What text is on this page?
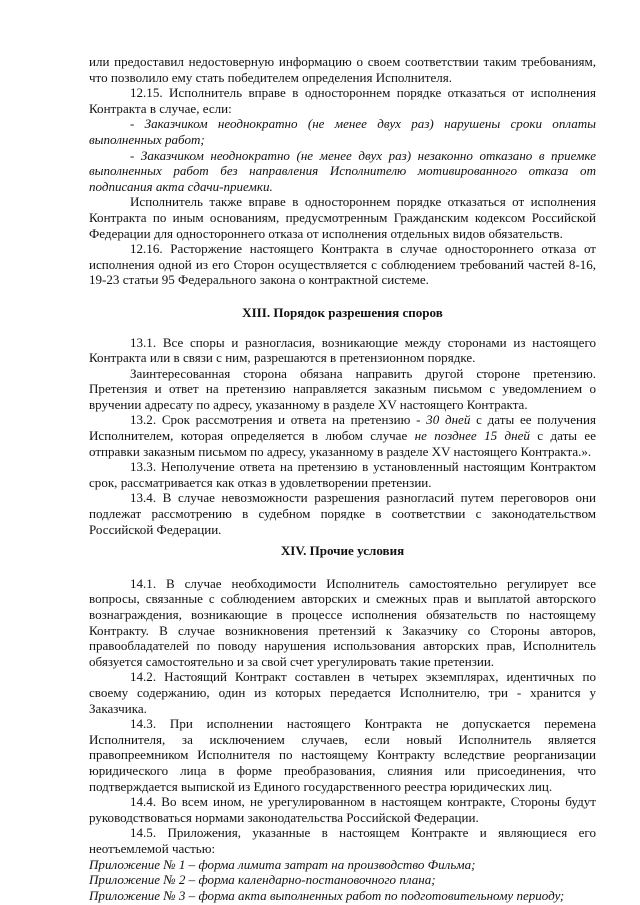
или предоставил недостоверную информацию о своем соответствии таким требованиям, что позволило ему стать победителем определения Исполнителя.

12.15. Исполнитель вправе в одностороннем порядке отказаться от исполнения Контракта в случае, если:

- Заказчиком неоднократно (не менее двух раз) нарушены сроки оплаты выполненных работ;

- Заказчиком неоднократно (не менее двух раз) незаконно отказано в приемке выполненных работ без направления Исполнителю мотивированного отказа от подписания акта сдачи-приемки.

Исполнитель также вправе в одностороннем порядке отказаться от исполнения Контракта по иным основаниям, предусмотренным Гражданским кодексом Российской Федерации для одностороннего отказа от исполнения отдельных видов обязательств.

12.16. Расторжение настоящего Контракта в случае одностороннего отказа от исполнения одной из его Сторон осуществляется с соблюдением требований частей 8-16, 19-23 статьи 95 Федерального закона о контрактной системе.

XIII. Порядок разрешения споров

13.1. Все споры и разногласия, возникающие между сторонами из настоящего Контракта или в связи с ним, разрешаются в претензионном порядке.

Заинтересованная сторона обязана направить другой стороне претензию. Претензия и ответ на претензию направляется заказным письмом с уведомлением о вручении адресату по адресу, указанному в разделе XV настоящего Контракта.

13.2. Срок рассмотрения и ответа на претензию - 30 дней с даты ее получения Исполнителем, которая определяется в любом случае не позднее 15 дней с даты ее отправки заказным письмом по адресу, указанному в разделе XV настоящего Контракта.».

13.3. Неполучение ответа на претензию в установленный настоящим Контрактом срок, рассматривается как отказ в удовлетворении претензии.

13.4. В случае невозможности разрешения разногласий путем переговоров они подлежат рассмотрению в судебном порядке в соответствии с законодательством Российской Федерации.

XIV. Прочие условия

14.1. В случае необходимости Исполнитель самостоятельно регулирует все вопросы, связанные с соблюдением авторских и смежных прав и выплатой авторского вознаграждения, возникающие в процессе исполнения обязательств по настоящему Контракту. В случае возникновения претензий к Заказчику со Стороны авторов, правообладателей по поводу нарушения использования авторских прав, Исполнитель обязуется самостоятельно и за свой счет урегулировать такие претензии.

14.2. Настоящий Контракт составлен в четырех экземплярах, идентичных по своему содержанию, один из которых передается Исполнителю, три - хранится у Заказчика.

14.3. При исполнении настоящего Контракта не допускается перемена Исполнителя, за исключением случаев, если новый Исполнитель является правопреемником Исполнителя по настоящему Контракту вследствие реорганизации юридического лица в форме преобразования, слияния или присоединения, что подтверждается выпиской из Единого государственного реестра юридических лиц.

14.4. Во всем ином, не урегулированном в настоящем контракте, Стороны будут руководствоваться нормами законодательства Российской Федерации.

14.5. Приложения, указанные в настоящем Контракте и являющиеся его неотъемлемой частью:

Приложение № 1 – форма лимита затрат на производство Фильма;

Приложение № 2 – форма календарно-постановочного плана;

Приложение № 3 – форма акта выполненных работ по подготовительному периоду;
